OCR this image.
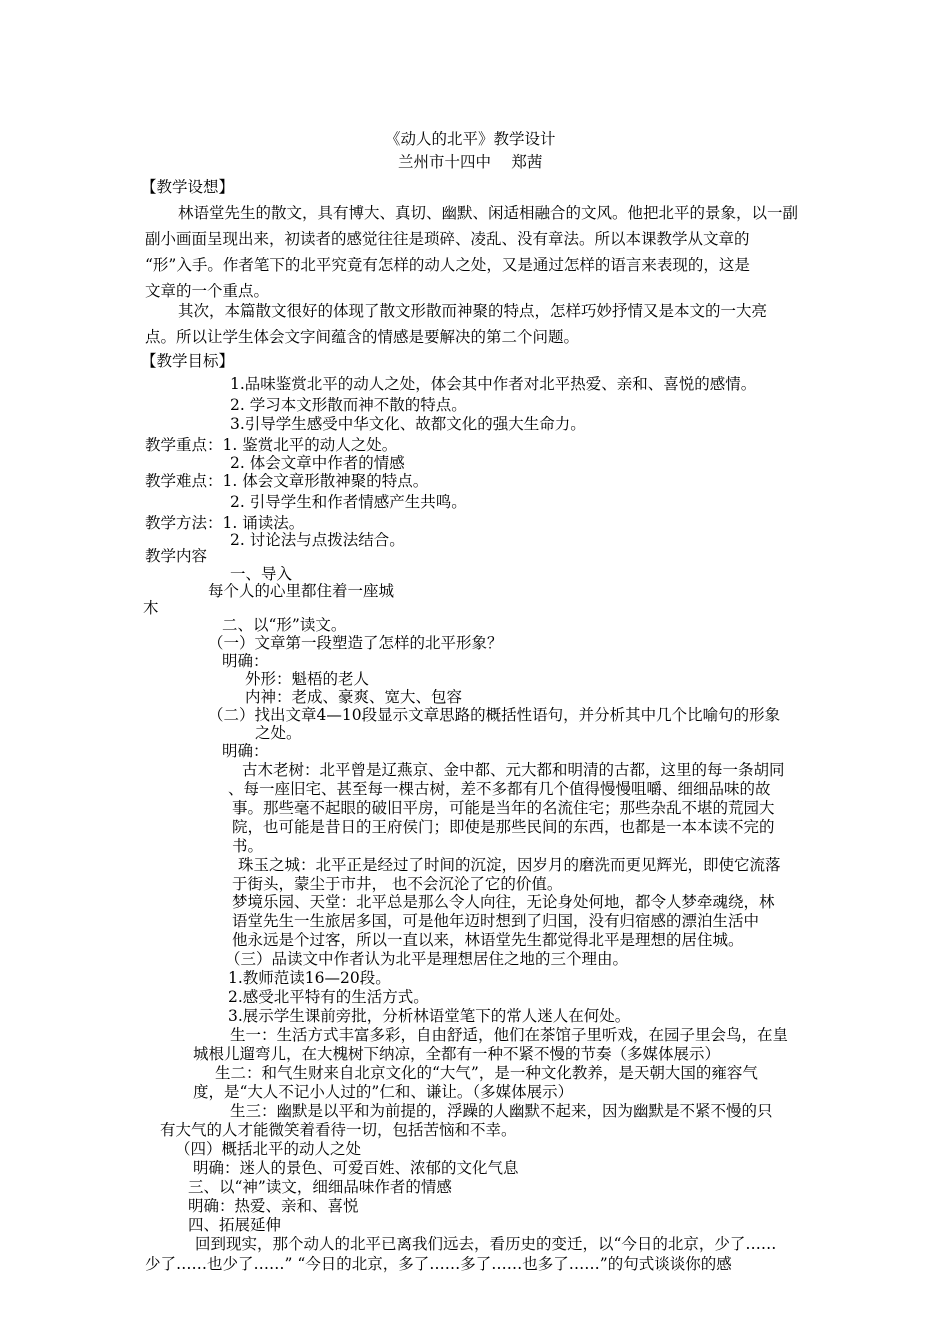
《动人的北平》教学设计
兰州市十四中　 郑茜
【教学设想】
林语堂先生的散文，具有博大、真切、幽默、闲适相融合的文风。他把北平的景象，以一副
副小画面呈现出来，初读者的感觉往往是琐碎、凌乱、没有章法。所以本课教学从文章的
“形”入手。作者笔下的北平究竟有怎样的动人之处，又是通过怎样的语言来表现的，这是
文章的一个重点。
其次，本篇散文很好的体现了散文形散而神聚的特点，怎样巧妙抒情又是本文的一大亮
点。所以让学生体会文字间蕴含的情感是要解决的第二个问题。
【教学目标】
1.品味鉴赏北平的动人之处，体会其中作者对北平热爱、亲和、喜悦的感情。
2. 学习本文形散而神不散的特点。
3.引导学生感受中华文化、故都文化的强大生命力。
教学重点：1. 鉴赏北平的动人之处。
2. 体会文章中作者的情感
教学难点：1. 体会文章形散神聚的特点。
2. 引导学生和作者情感产生共鸣。
教学方法：1. 诵读法。
2. 讨论法与点拨法结合。
教学内容
一、导入
每个人的心里都住着一座城
木
二、以“形”读文。
（一）文章第一段塑造了怎样的北平形象？
明确：
外形：魁梧的老人
内神：老成、豪爽、宽大、包容
（二）找出文章4—10段显示文章思路的概括性语句，并分析其中几个比喻句的形象
之处。
明确：
古木老树：北平曾是辽燕京、金中都、元大都和明清的古都，这里的每一条胡同
、每一座旧宅、甚至每一棵古树，差不多都有几个值得慢慢咀嚼、细细品味的故
事。那些毫不起眼的破旧平房，可能是当年的名流住宅；那些杂乱不堪的荒园大
院，也可能是昔日的王府侯门；即使是那些民间的东西，也都是一本本读不完的
书。
珠玉之城：北平正是经过了时间的沉淀，因岁月的磨洗而更见辉光，即使它流落
于街头，蒙尘于市井， 也不会沉沦了它的价值。
梦境乐园、天堂：北平总是那么令人向往，无论身处何地，都令人梦牵魂绕，林
语堂先生一生旅居多国，可是他年迈时想到了归国，没有归宿感的漂泊生活中
他永远是个过客，所以一直以来，林语堂先生都觉得北平是理想的居住城。
（三）品读文中作者认为北平是理想居住之地的三个理由。
1.教师范读16—20段。
2.感受北平特有的生活方式。
3.展示学生课前旁批，分析林语堂笔下的常人迷人在何处。
生一：生活方式丰富多彩，自由舒适，他们在茶馆子里听戏，在园子里会鸟，在皇
城根儿遛弯儿，在大槐树下纳凉，全都有一种不紧不慢的节奏（多媒体展示）
生二：和气生财来自北京文化的“大气”，是一种文化教养，是天朝大国的雍容气
度，是“大人不记小人过的”仁和、谦让。（多媒体展示）
生三：幽默是以平和为前提的，浮躁的人幽默不起来，因为幽默是不紧不慢的只
有大气的人才能微笑着看待一切，包括苦恼和不幸。
（四）概括北平的动人之处
明确：迷人的景色、可爱百姓、浓郁的文化气息
三、以“神”读文，细细品味作者的情感
明确：热爱、亲和、喜悦
四、拓展延伸
回到现实，那个动人的北平已离我们远去，看历史的变迁，以“今日的北京，少了……
少了……也少了……” “今日的北京，多了……多了……也多了……”的句式谈谈你的感
